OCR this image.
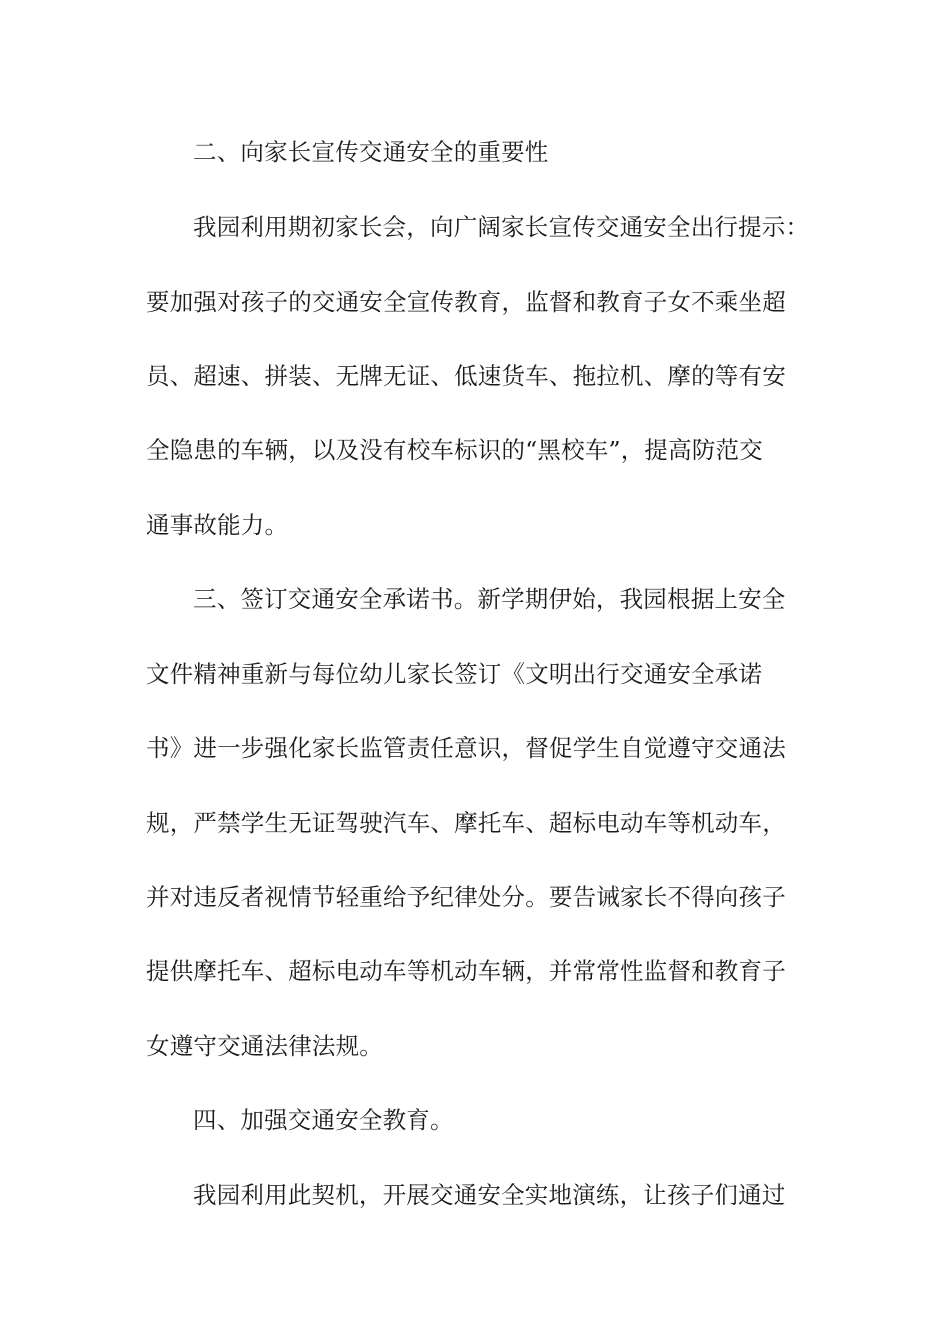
二、向家长宣传交通安全的重要性
我园利用期初家长会，向广阔家长宣传交通安全出行提示：
要加强对孩子的交通安全宣传教育，监督和教育子女不乘坐超
员、超速、拼装、无牌无证、低速货车、拖拉机、摩的等有安
全隐患的车辆，以及没有校车标识的“黑校车”，提高防范交
通事故能力。
三、签订交通安全承诺书。新学期伊始，我园根据上安全
文件精神重新与每位幼儿家长签订《文明出行交通安全承诺
书》进一步强化家长监管责任意识，督促学生自觉遵守交通法
规，严禁学生无证驾驶汽车、摩托车、超标电动车等机动车，
并对违反者视情节轻重给予纪律处分。要告诫家长不得向孩子
提供摩托车、超标电动车等机动车辆，并常常性监督和教育子
女遵守交通法律法规。
四、加强交通安全教育。
我园利用此契机，开展交通安全实地演练，让孩子们通过
